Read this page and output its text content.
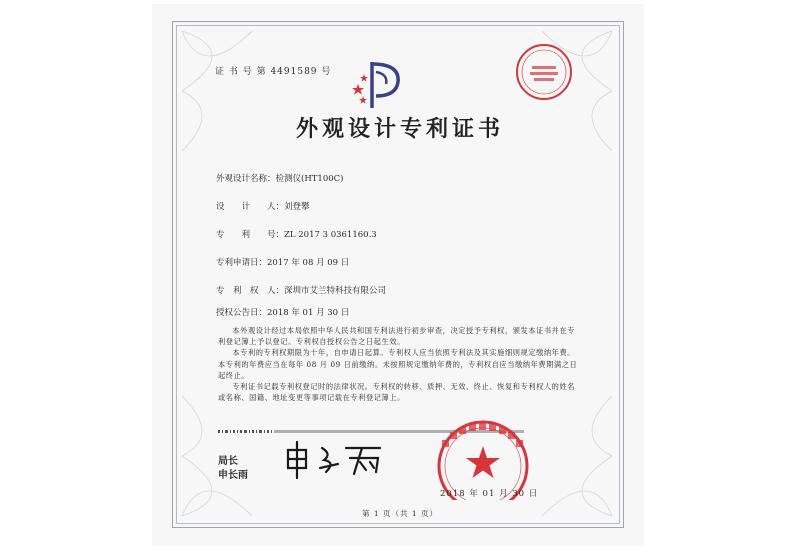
证 书 号 第 4491589 号
外观设计专利证书
外观设计名称：检测仪(HT100C)
设　　计　　人：刘登攀
专　　利　　号：ZL 2017 3 0361160.3
专利申请日：2017 年 08 月 09 日
专　利　权　人：深圳市艾兰特科技有限公司
授权公告日：2018 年 01 月 30 日

本外观设计经过本局依照中华人民共和国专利法进行初步审查，决定授予专利权，颁发本证书并在专利登记簿上予以登记。专利权自授权公告之日起生效。

本专利的专利权期限为十年，自申请日起算。专利权人应当依照专利法及其实施细则规定缴纳年费。本专利的年费应当在每年 08 月 09 日前缴纳。未按照规定缴纳年费的，专利权自应当缴纳年费期满之日起终止。

专利证书记载专利权登记时的法律状况。专利权的转移、质押、无效、终止、恢复和专利权人的姓名或名称、国籍、地址变更等事项记载在专利登记簿上。

局长
申长雨
2018 年 01 月 30 日
第 1 页（共 1 页）
